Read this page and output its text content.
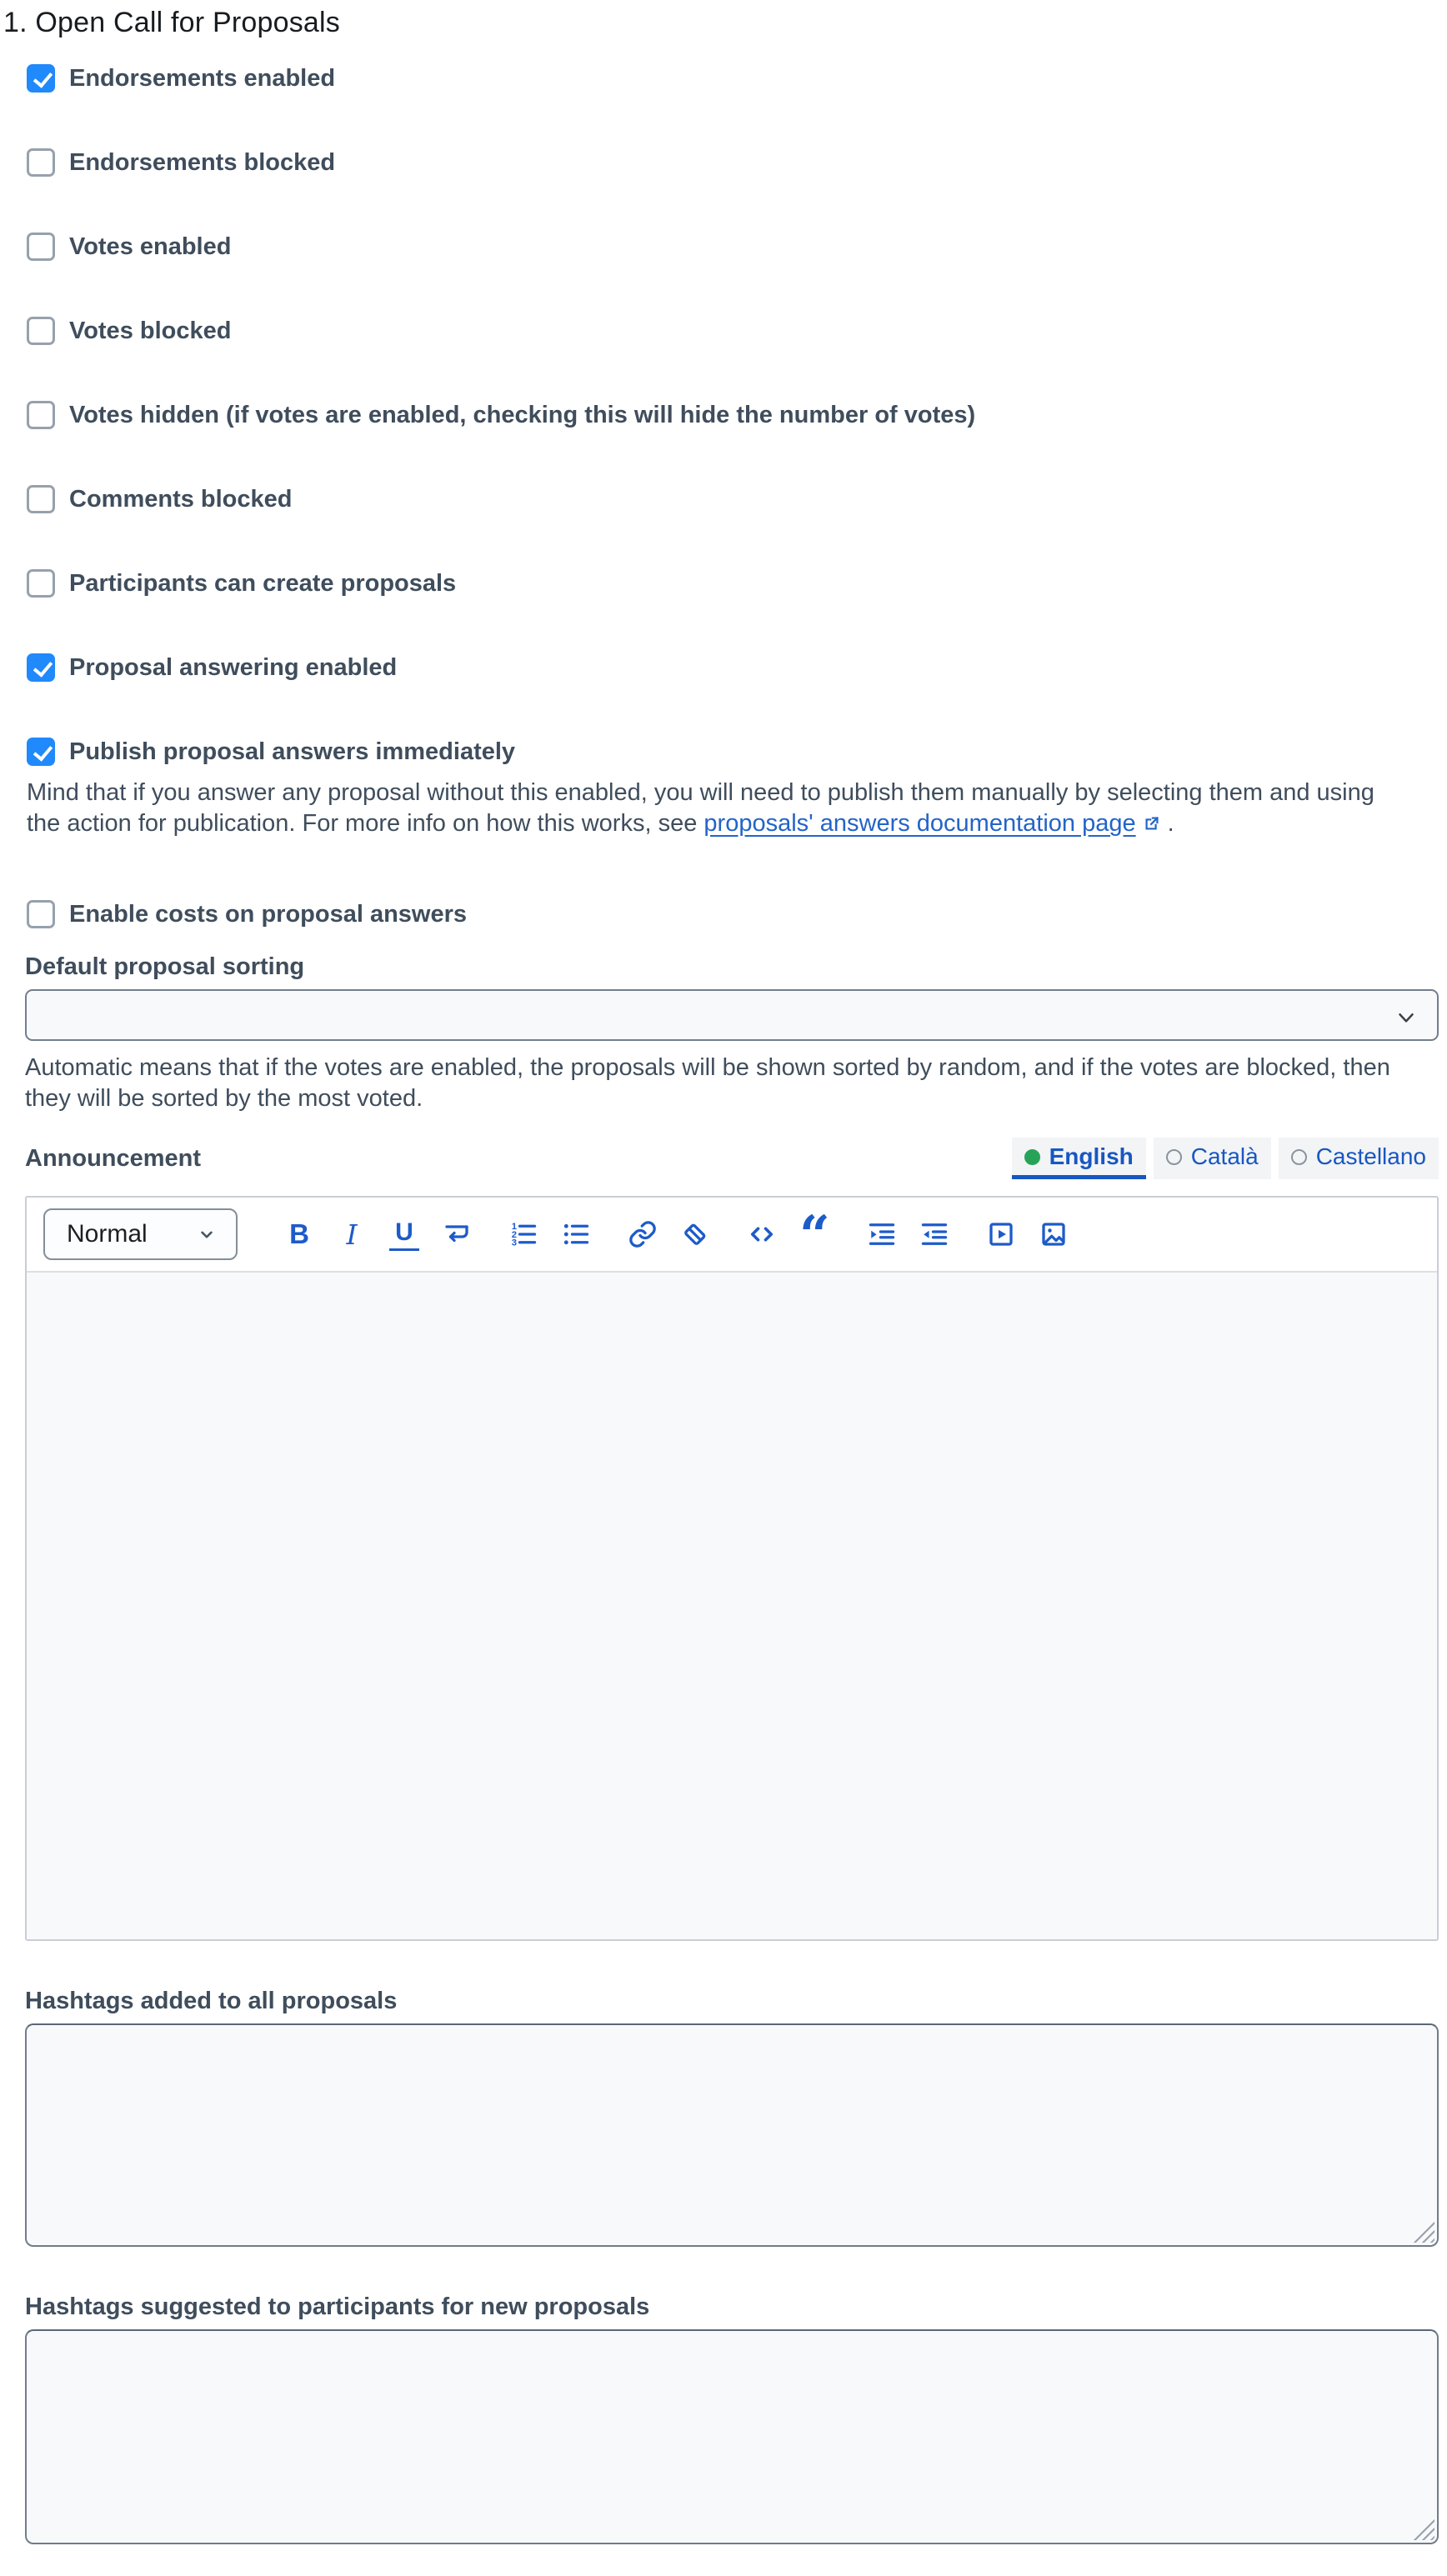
1. Open Call for Proposals
Endorsements enabled
Endorsements blocked
Votes enabled
Votes blocked
Votes hidden (if votes are enabled, checking this will hide the number of votes)
Comments blocked
Participants can create proposals
Proposal answering enabled
Publish proposal answers immediately

Mind that if you answer any proposal without this enabled, you will need to publish them manually by selecting them and using the action for publication. For more info on how this works, see proposals' answers documentation page
.

Enable costs on proposal answers
Default proposal sorting

Automatic means that if the votes are enabled, the proposals will be shown sorted by random, and if the votes are blocked, then they will be sorted by the most voted.

Announcement	English Català Castellano
Normal	B	I	U	1
2
3	“
Hashtags added to all proposals
Hashtags suggested to participants for new proposals
